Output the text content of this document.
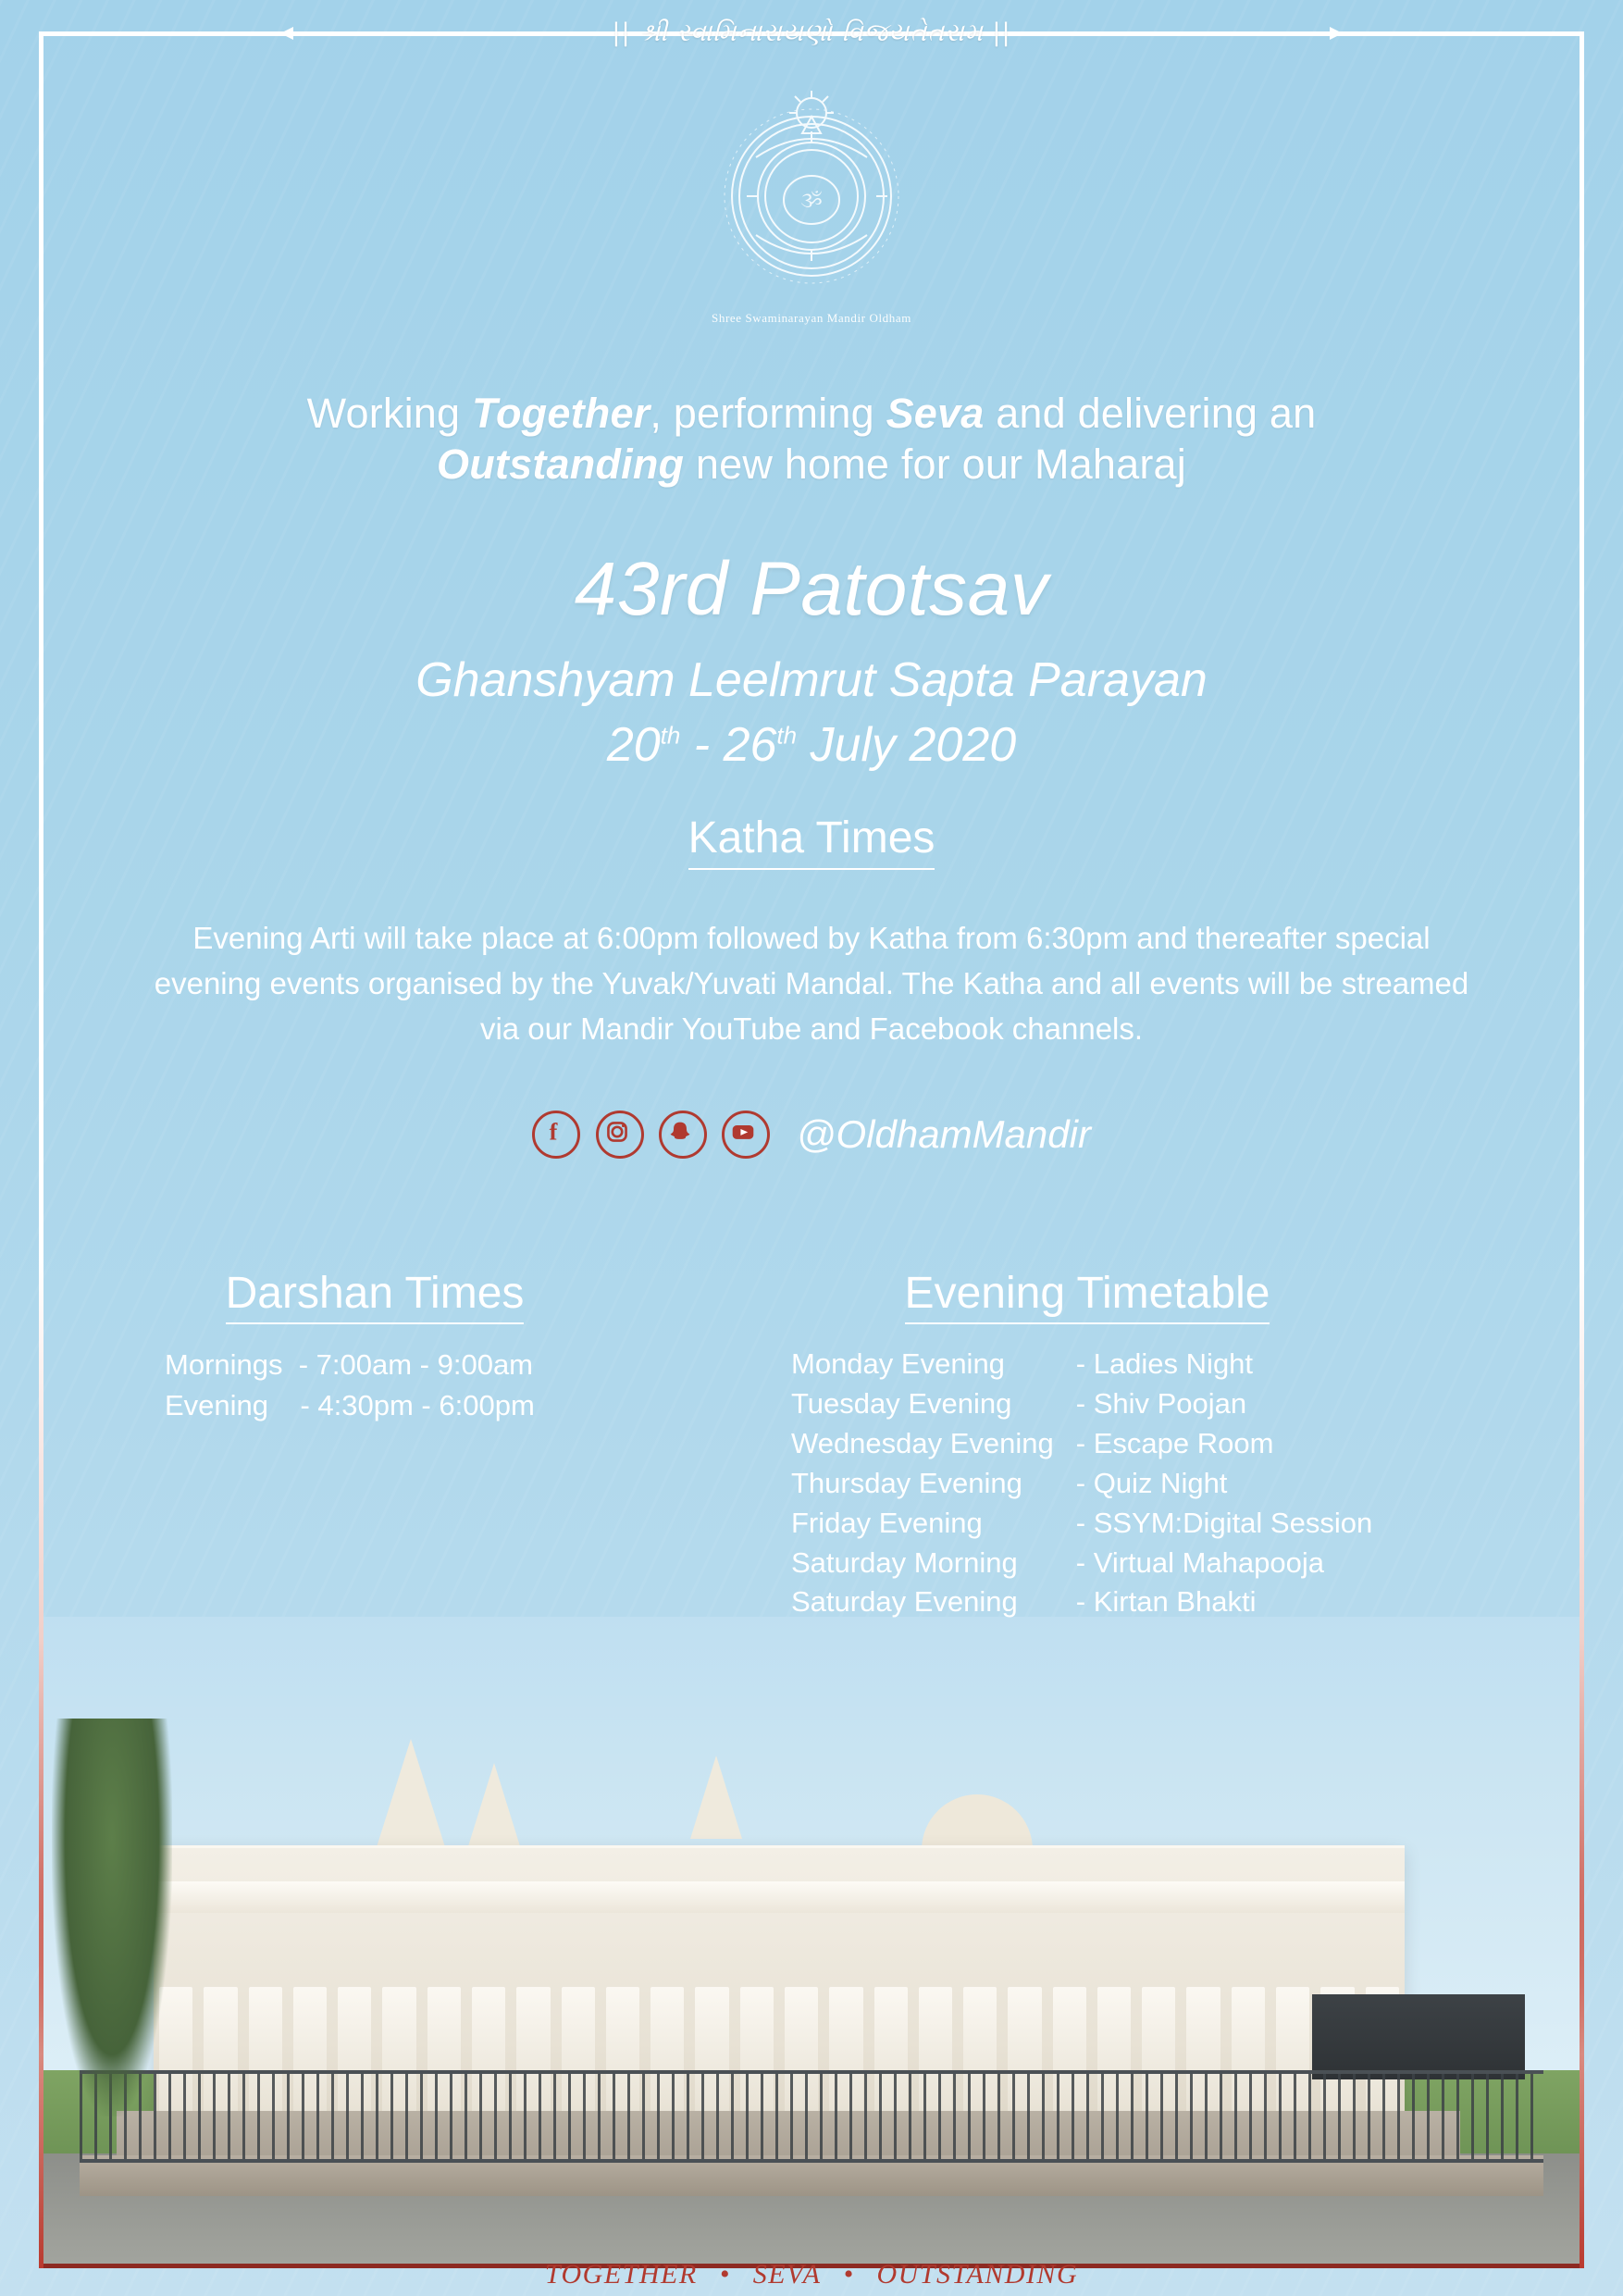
|| શ્રી સ્વામિનારાયણો વિજયતેતરામ ||
ૐ
Shree Swaminarayan Mandir Oldham
Working Together, performing Seva and delivering an
Outstanding new home for our Maharaj
43rd Patotsav
Ghanshyam Leelmrut Sapta Parayan
20th - 26th July 2020
Katha Times
Evening Arti will take place at 6:00pm followed by Katha from 6:30pm and thereafter special evening events organised by the Yuvak/Yuvati Mandal. The Katha and all events will be streamed via our Mandir YouTube and Facebook channels.
f

	@OldhamMandir
Darshan Times
Mornings  - 7:00am - 9:00am
Evening    - 4:30pm - 6:00pm
Evening Timetable
Monday Evening	- Ladies Night
Tuesday Evening	- Shiv Poojan
Wednesday Evening	- Escape Room
Thursday Evening	- Quiz Night
Friday Evening	- SSYM:Digital Session
Saturday Morning	- Virtual Mahapooja
Saturday Evening	- Kirtan Bhakti
TOGETHER • SEVA • OUTSTANDING
